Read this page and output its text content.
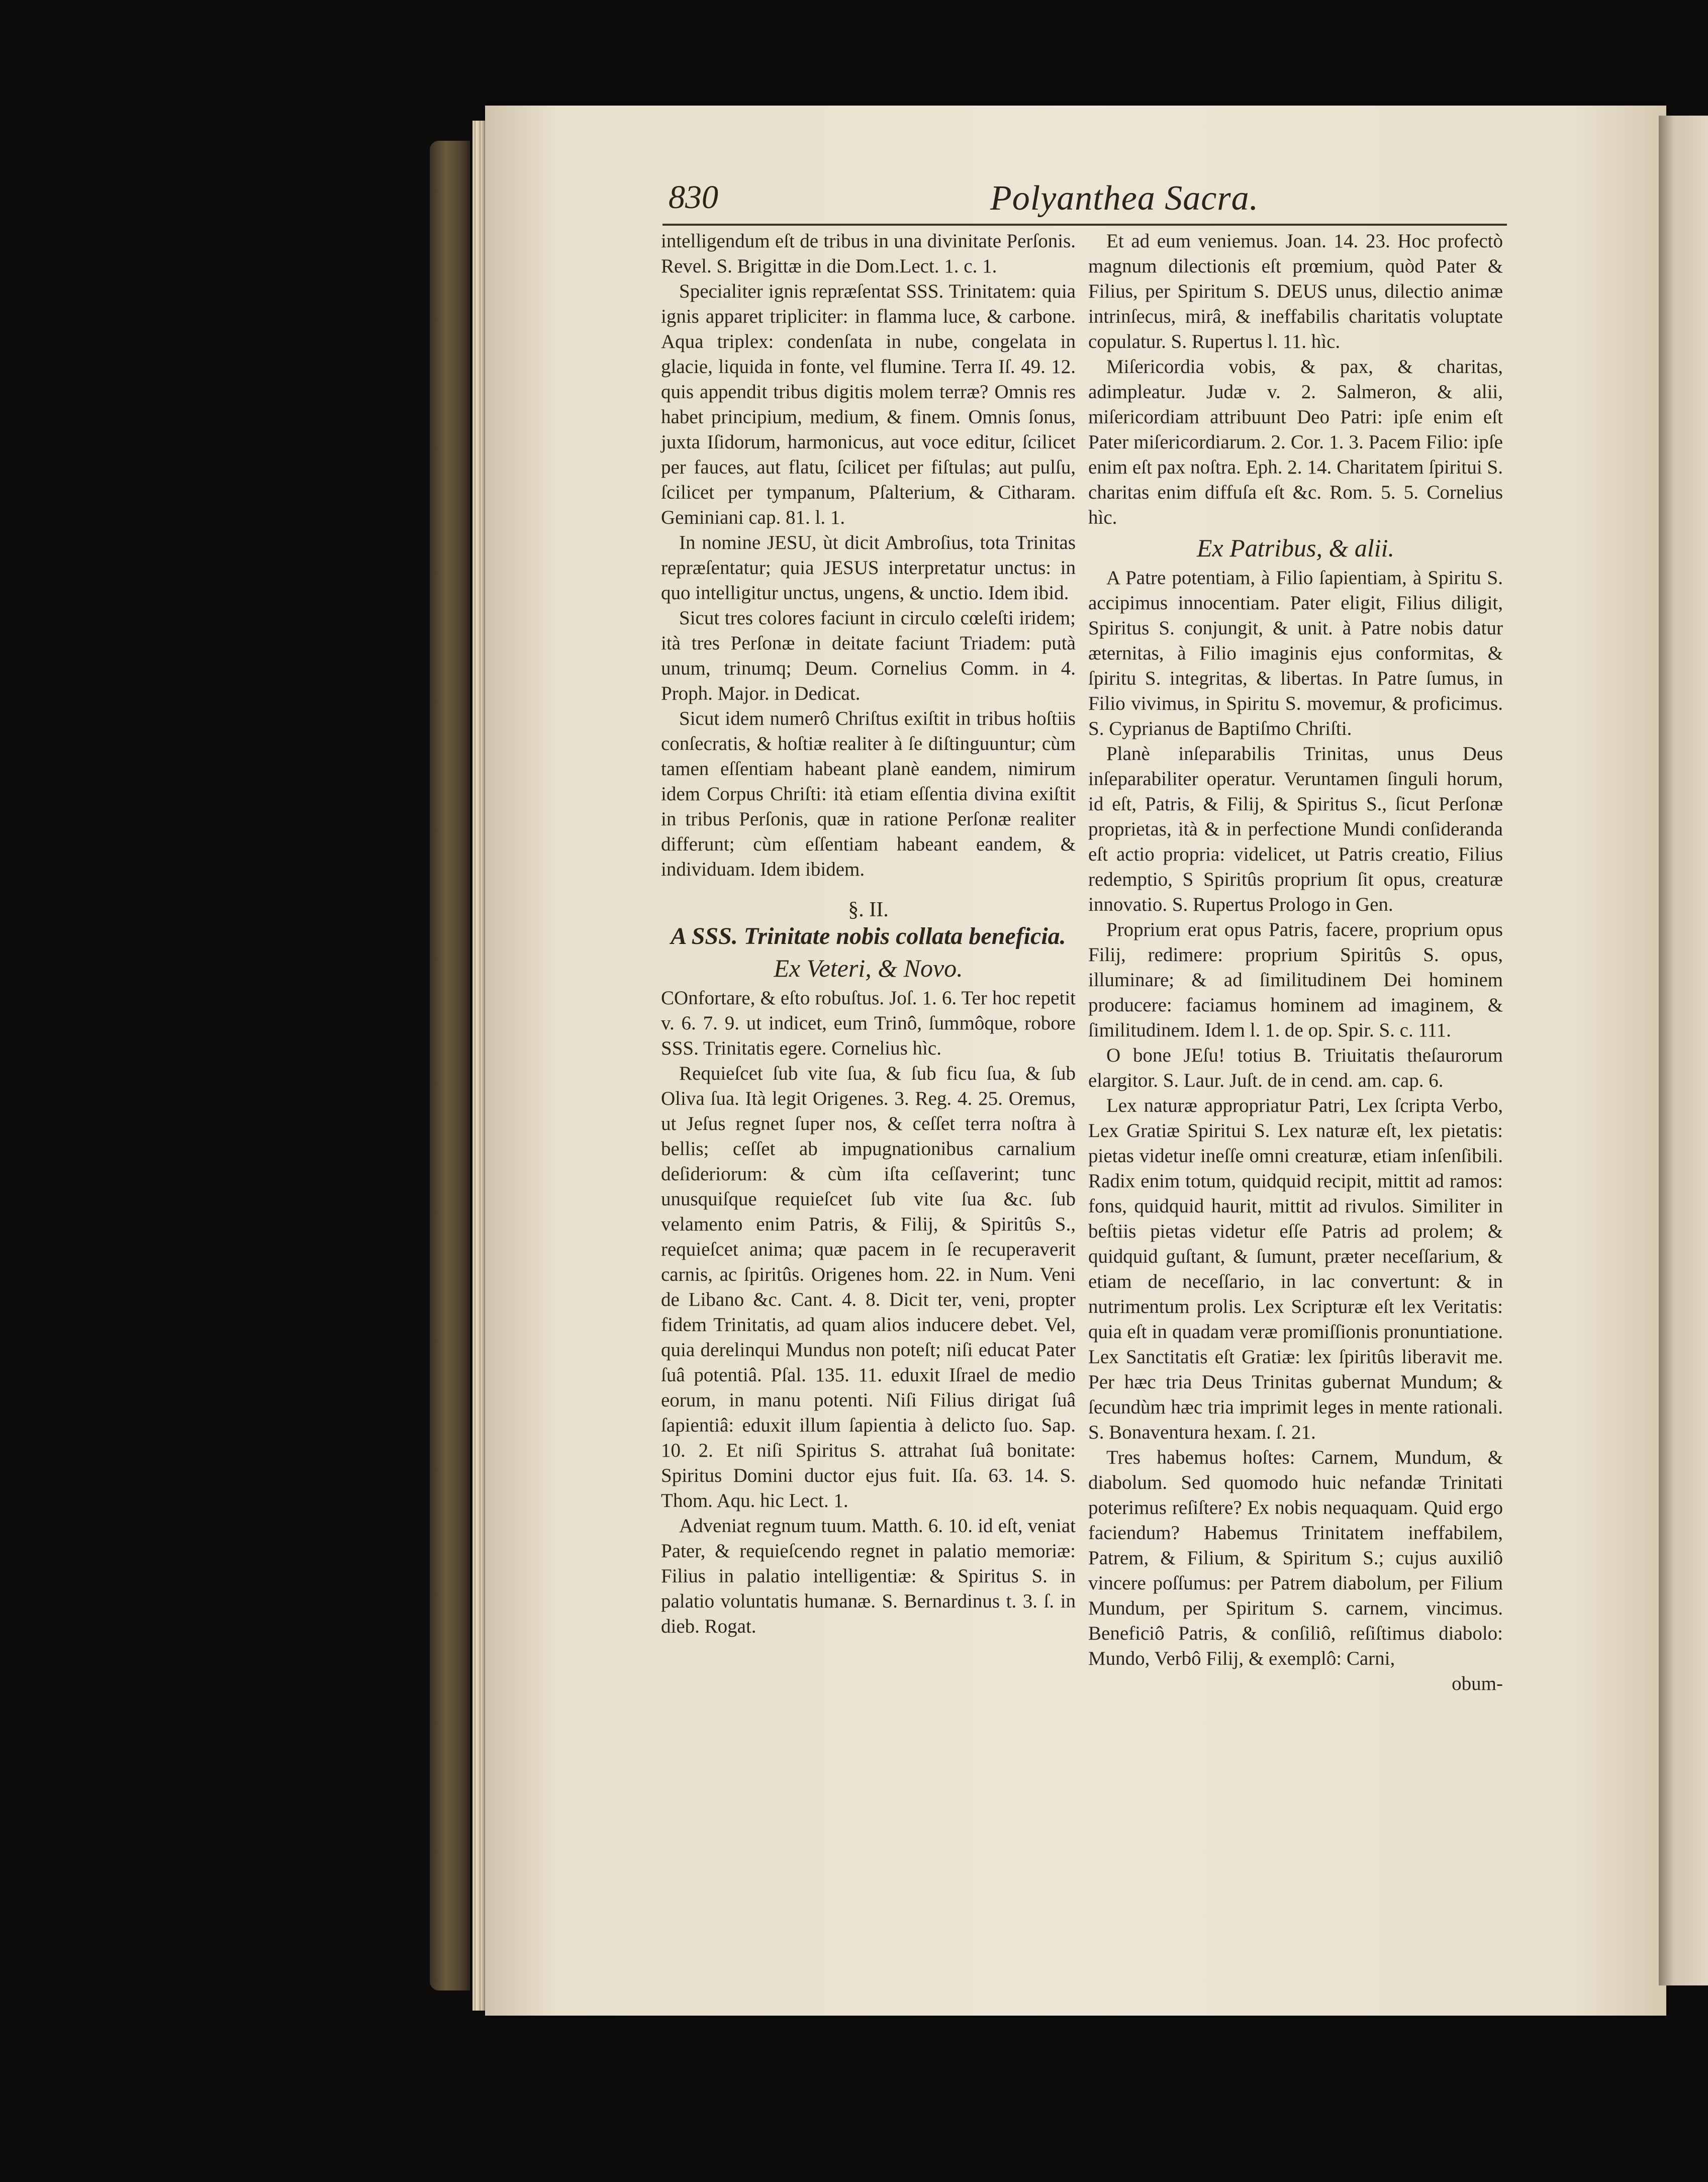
830	Polyanthea Sacra.

intelligendum eſt de tribus in una divinitate Perſonis. Revel. S. Brigittæ in die Dom.Lect. 1. c. 1.

Specialiter ignis repræſentat SSS. Trinitatem: quia ignis apparet tripliciter: in flamma luce, & carbone. Aqua triplex: condenſata in nube, congelata in glacie, liquida in fonte, vel flumine. Terra Iſ. 49. 12. quis appendit tribus digitis molem terræ? Omnis res habet principium, medium, & finem. Omnis ſonus, juxta Iſidorum, harmonicus, aut voce editur, ſcilicet per fauces, aut flatu, ſcilicet per fiſtulas; aut pulſu, ſcilicet per tympanum, Pſalterium, & Citharam. Geminiani cap. 81. l. 1.

In nomine JESU, ùt dicit Ambroſius, tota Trinitas repræſentatur; quia JESUS interpretatur unctus: in quo intelligitur unctus, ungens, & unctio. Idem ibid.

Sicut tres colores faciunt in circulo cœleſti iridem; ità tres Perſonæ in deitate faciunt Triadem: putà unum, trinumq; Deum. Cornelius Comm. in 4. Proph. Major. in Dedicat.

Sicut idem numerô Chriſtus exiſtit in tribus hoſtiis conſecratis, & hoſtiæ realiter à ſe diſtinguuntur; cùm tamen eſſentiam habeant planè eandem, nimirum idem Corpus Chriſti: ità etiam eſſentia divina exiſtit in tribus Perſonis, quæ in ratione Perſonæ realiter differunt; cùm eſſentiam habeant eandem, & individuam. Idem ibidem.

§. II.
A SSS. Trinitate nobis collata beneficia.
Ex Veteri, & Novo.

COnfortare, & eſto robuſtus. Joſ. 1. 6. Ter hoc repetit v. 6. 7. 9. ut indicet, eum Trinô, ſummôque, robore SSS. Trinitatis egere. Cornelius hìc.

Requieſcet ſub vite ſua, & ſub ficu ſua, & ſub Oliva ſua. Ità legit Origenes. 3. Reg. 4. 25. Oremus, ut Jeſus regnet ſuper nos, & ceſſet terra noſtra à bellis; ceſſet ab impugnationibus carnalium deſideriorum: & cùm iſta ceſſaverint; tunc unusquiſque requieſcet ſub vite ſua &c. ſub velamento enim Patris, & Filij, & Spiritûs S., requieſcet anima; quæ pacem in ſe recuperaverit carnis, ac ſpiritûs. Origenes hom. 22. in Num. Veni de Libano &c. Cant. 4. 8. Dicit ter, veni, propter fidem Trinitatis, ad quam alios inducere debet. Vel, quia derelinqui Mundus non poteſt; niſi educat Pater ſuâ potentiâ. Pſal. 135. 11. eduxit Iſrael de medio eorum, in manu potenti. Niſi Filius dirigat ſuâ ſapientiâ: eduxit illum ſapientia à delicto ſuo. Sap. 10. 2. Et niſi Spiritus S. attrahat ſuâ bonitate: Spiritus Domini ductor ejus fuit. Iſa. 63. 14. S. Thom. Aqu. hic Lect. 1.

Adveniat regnum tuum. Matth. 6. 10. id eſt, veniat Pater, & requieſcendo regnet in palatio memoriæ: Filius in palatio intelligentiæ: & Spiritus S. in palatio voluntatis humanæ. S. Bernardinus t. 3. ſ. in dieb. Rogat.

Et ad eum veniemus. Joan. 14. 23. Hoc profectò magnum dilectionis eſt prœmium, quòd Pater & Filius, per Spiritum S. DEUS unus, dilectio animæ intrinſecus, mirâ, & ineffabilis charitatis voluptate copulatur. S. Rupertus l. 11. hìc.

Miſericordia vobis, & pax, & charitas, adimpleatur. Judæ v. 2. Salmeron, & alii, miſericordiam attribuunt Deo Patri: ipſe enim eſt Pater miſericordiarum. 2. Cor. 1. 3. Pacem Filio: ipſe enim eſt pax noſtra. Eph. 2. 14. Charitatem ſpiritui S. charitas enim diffuſa eſt &c. Rom. 5. 5. Cornelius hìc.

Ex Patribus, & alii.

A Patre potentiam, à Filio ſapientiam, à Spiritu S. accipimus innocentiam. Pater eligit, Filius diligit, Spiritus S. conjungit, & unit. à Patre nobis datur æternitas, à Filio imaginis ejus conformitas, & ſpiritu S. integritas, & libertas. In Patre ſumus, in Filio vivimus, in Spiritu S. movemur, & proficimus. S. Cyprianus de Baptiſmo Chriſti.

Planè inſeparabilis Trinitas, unus Deus inſeparabiliter operatur. Veruntamen ſinguli horum, id eſt, Patris, & Filij, & Spiritus S., ſicut Perſonæ proprietas, ità & in perfectione Mundi conſideranda eſt actio propria: videlicet, ut Patris creatio, Filius redemptio, S Spiritûs proprium ſit opus, creaturæ innovatio. S. Rupertus Prologo in Gen.

Proprium erat opus Patris, facere, proprium opus Filij, redimere: proprium Spiritûs S. opus, illuminare; & ad ſimilitudinem Dei hominem producere: faciamus hominem ad imaginem, & ſimilitudinem. Idem l. 1. de op. Spir. S. c. 111.

O bone JEſu! totius B. Triuitatis theſaurorum elargitor. S. Laur. Juſt. de in cend. am. cap. 6.

Lex naturæ appropriatur Patri, Lex ſcripta Verbo, Lex Gratiæ Spiritui S. Lex naturæ eſt, lex pietatis: pietas videtur ineſſe omni creaturæ, etiam inſenſibili. Radix enim totum, quidquid recipit, mittit ad ramos: fons, quidquid haurit, mittit ad rivulos. Similiter in beſtiis pietas videtur eſſe Patris ad prolem; & quidquid guſtant, & ſumunt, præter neceſſarium, & etiam de neceſſario, in lac convertunt: & in nutrimentum prolis. Lex Scripturæ eſt lex Veritatis: quia eſt in quadam veræ promiſſionis pronuntiatione. Lex Sanctitatis eſt Gratiæ: lex ſpiritûs liberavit me. Per hæc tria Deus Trinitas gubernat Mundum; & ſecundùm hæc tria imprimit leges in mente rationali. S. Bonaventura hexam. ſ. 21.

Tres habemus hoſtes: Carnem, Mundum, & diabolum. Sed quomodo huic nefandæ Trinitati poterimus reſiſtere? Ex nobis nequaquam. Quid ergo faciendum? Habemus Trinitatem ineffabilem, Patrem, & Filium, & Spiritum S.; cujus auxiliô vincere poſſumus: per Patrem diabolum, per Filium Mundum, per Spiritum S. carnem, vincimus. Beneficiô Patris, & conſiliô, reſiſtimus diabolo: Mundo, Verbô Filij, & exemplô: Carni,

obum-
